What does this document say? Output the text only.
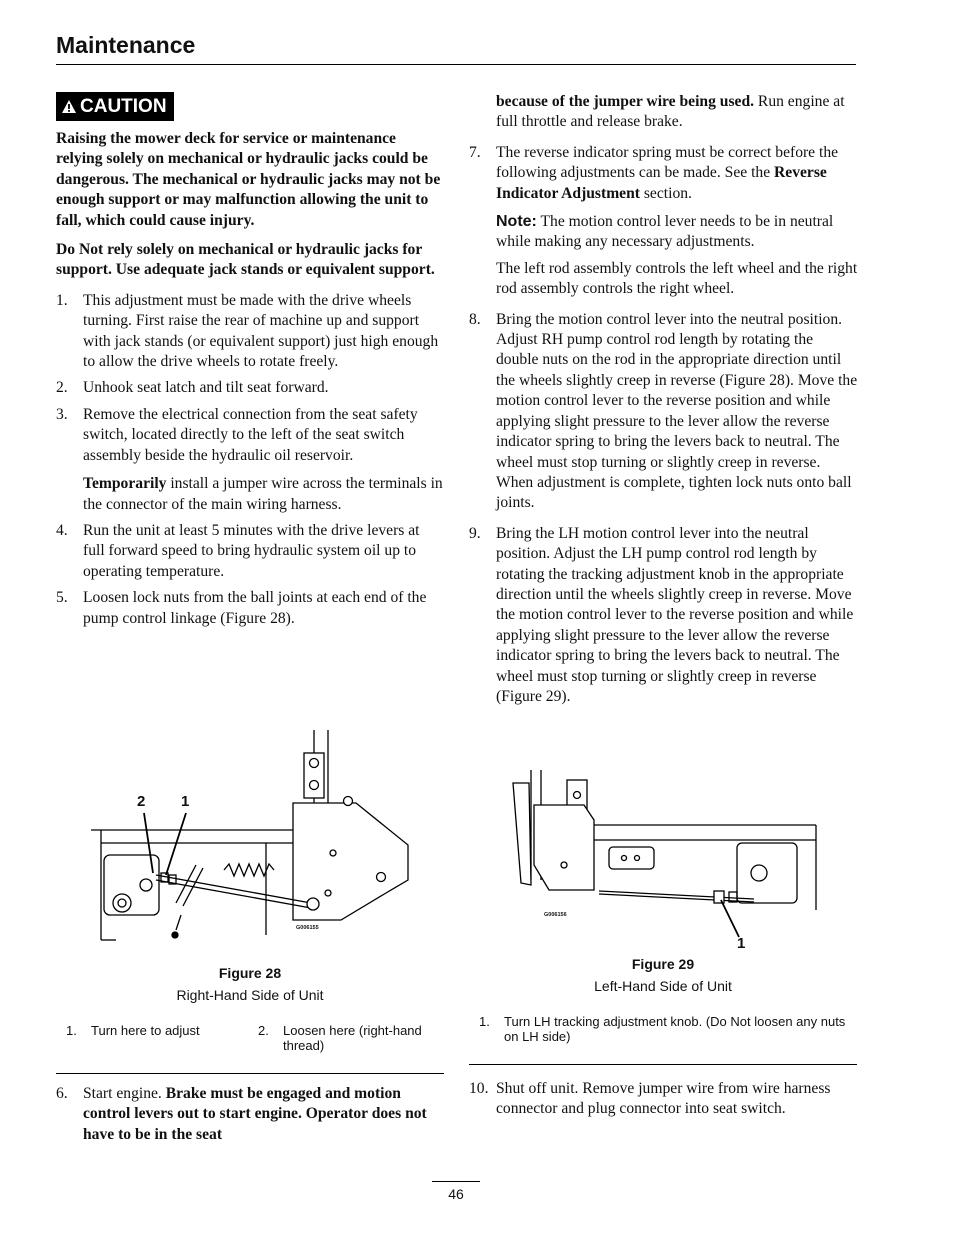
Maintenance
CAUTION

Raising the mower deck for service or maintenance relying solely on mechanical or hydraulic jacks could be dangerous. The mechanical or hydraulic jacks may not be enough support or may malfunction allowing the unit to fall, which could cause injury.

Do Not rely solely on mechanical or hydraulic jacks for support. Use adequate jack stands or equivalent support.

1. This adjustment must be made with the drive wheels turning. First raise the rear of machine up and support with jack stands (or equivalent support) just high enough to allow the drive wheels to rotate freely.

2. Unhook seat latch and tilt seat forward.

3. Remove the electrical connection from the seat safety switch, located directly to the left of the seat switch assembly beside the hydraulic oil reservoir.

Temporarily install a jumper wire across the terminals in the connector of the main wiring harness.

4. Run the unit at least 5 minutes with the drive levers at full forward speed to bring hydraulic system oil up to operating temperature.

5. Loosen lock nuts from the ball joints at each end of the pump control linkage (Figure 28).

2 1
G006155
Figure 28
Right-Hand Side of Unit
1.	Turn here to adjust	2.	Loosen here (right-hand thread)

6. Start engine. Brake must be engaged and motion control levers out to start engine. Operator does not have to be in the seat

because of the jumper wire being used. Run engine at full throttle and release brake.

7. The reverse indicator spring must be correct before the following adjustments can be made. See the Reverse Indicator Adjustment section.

Note: The motion control lever needs to be in neutral while making any necessary adjustments.

The left rod assembly controls the left wheel and the right rod assembly controls the right wheel.

8. Bring the motion control lever into the neutral position. Adjust RH pump control rod length by rotating the double nuts on the rod in the appropriate direction until the wheels slightly creep in reverse (Figure 28). Move the motion control lever to the reverse position and while applying slight pressure to the lever allow the reverse indicator spring to bring the levers back to neutral. The wheel must stop turning or slightly creep in reverse. When adjustment is complete, tighten lock nuts onto ball joints.

9. Bring the LH motion control lever into the neutral position. Adjust the LH pump control rod length by rotating the tracking adjustment knob in the appropriate direction until the wheels slightly creep in reverse. Move the motion control lever to the reverse position and while applying slight pressure to the lever allow the reverse indicator spring to bring the levers back to neutral. The wheel must stop turning or slightly creep in reverse (Figure 29).

G006156
1
Figure 29
Left-Hand Side of Unit
1.	Turn LH tracking adjustment knob. (Do Not loosen any nuts on LH side)

10. Shut off unit. Remove jumper wire from wire harness connector and plug connector into seat switch.

46
